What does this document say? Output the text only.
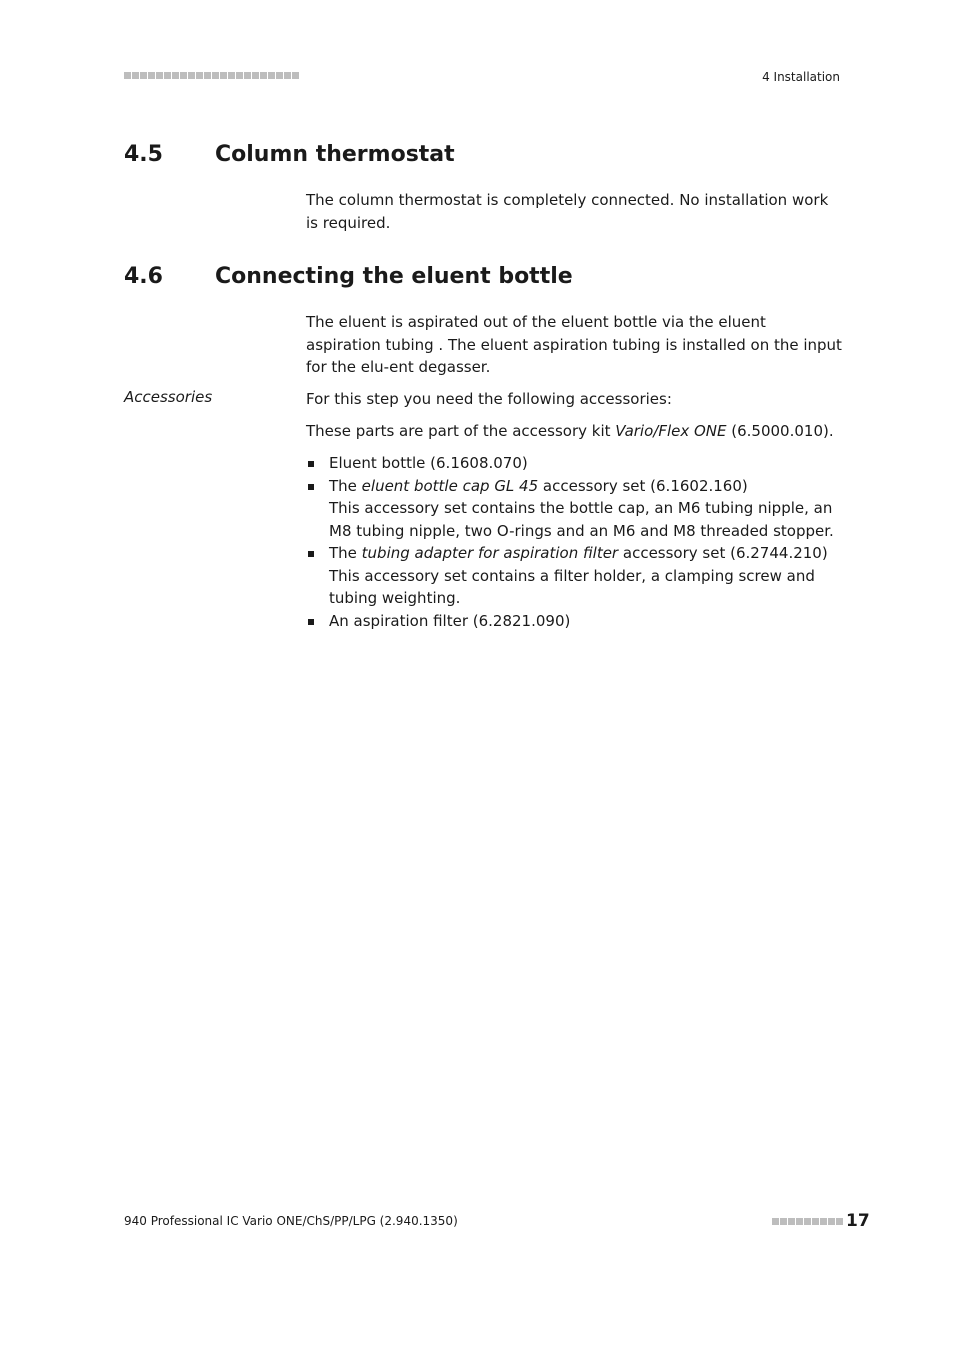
4 Installation
4.5 Column thermostat

The column thermostat is completely connected. No installation work is required.

4.6 Connecting the eluent bottle

The eluent is aspirated out of the eluent bottle via the eluent aspiration tubing . The eluent aspiration tubing is installed on the input for the elu-ent degasser.

Accessories	For this step you need the following accessories:

These parts are part of the accessory kit Vario/Flex ONE (6.5000.010).

Eluent bottle (6.1608.070)
The eluent bottle cap GL 45 accessory set (6.1602.160)
This accessory set contains the bottle cap, an M6 tubing nipple, an M8 tubing nipple, two O-rings and an M6 and M8 threaded stopper.
The tubing adapter for aspiration filter accessory set (6.2744.210)
This accessory set contains a filter holder, a clamping screw and tubing weighting.
An aspiration filter (6.2821.090)
940 Professional IC Vario ONE/ChS/PP/LPG (2.940.1350)	17
